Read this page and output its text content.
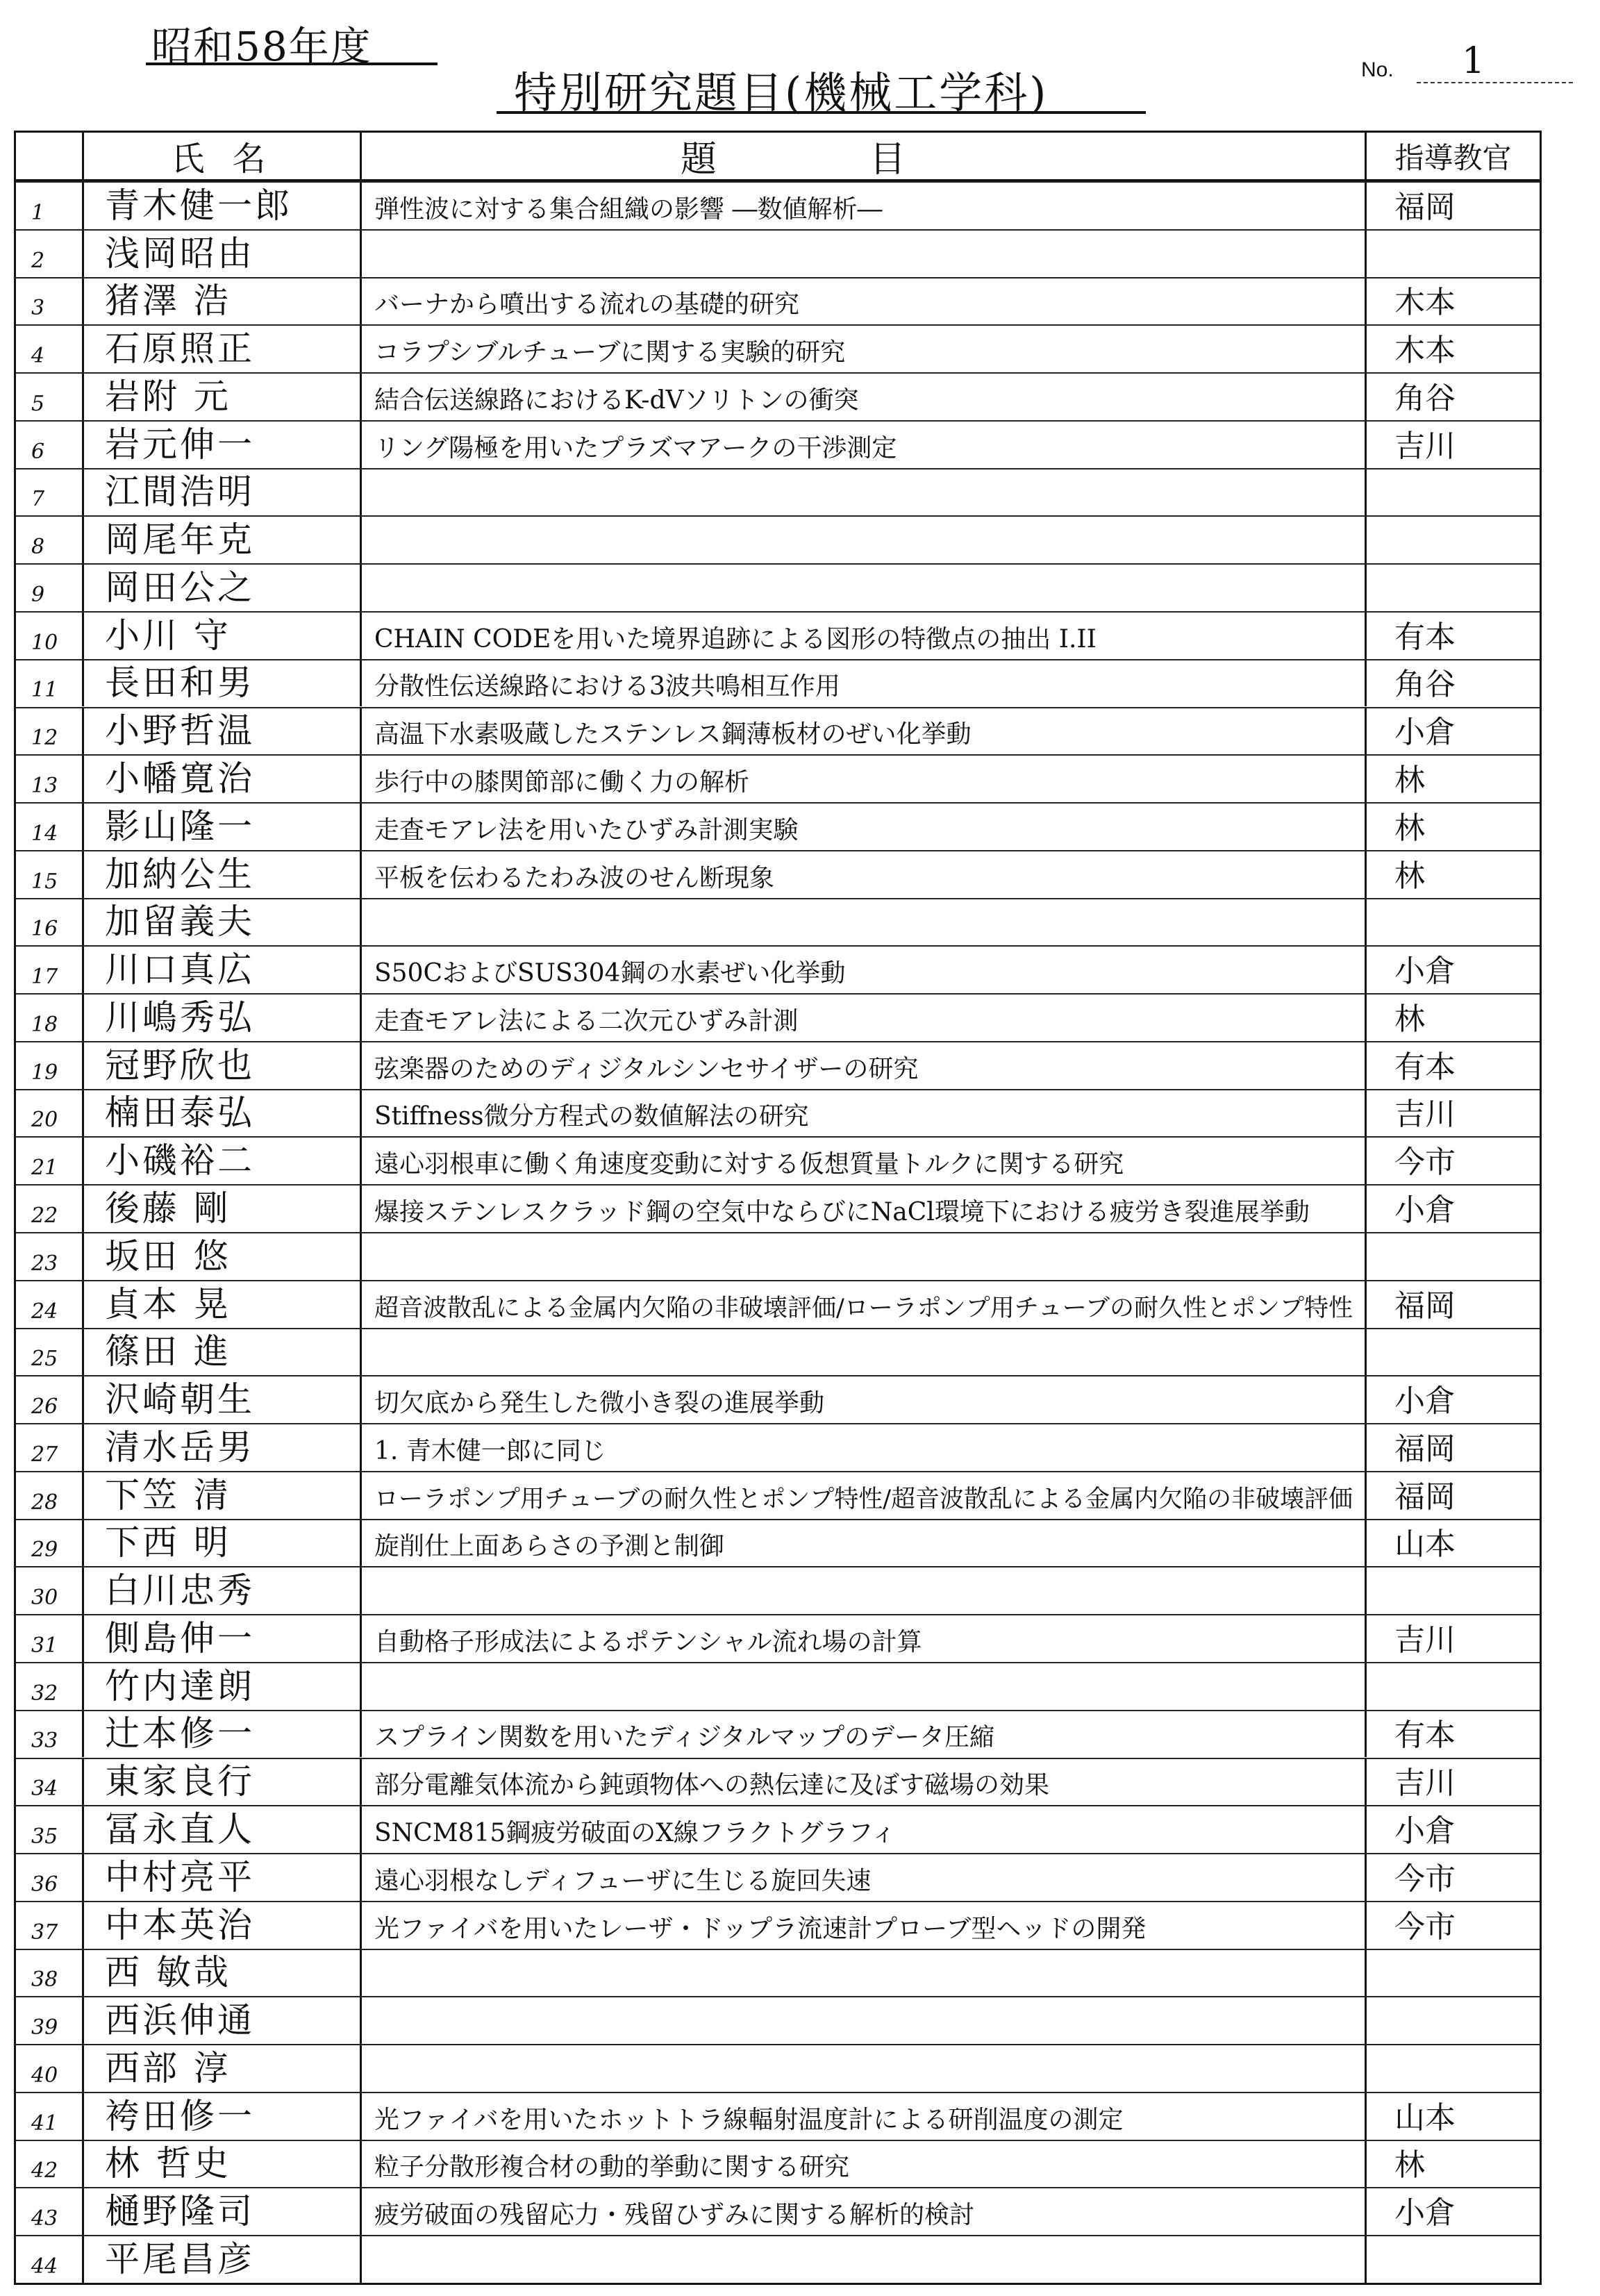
昭和58年度
特別研究題目(機械工学科)	No. 1
氏名	題目	指導教官
1	青木健一郎	弾性波に対する集合組織の影響 ―数値解析―	福岡
2	浅岡昭由
3	猪澤 浩	バーナから噴出する流れの基礎的研究	木本
4	石原照正	コラプシブルチューブに関する実験的研究	木本
5	岩附 元	結合伝送線路におけるK-dVソリトンの衝突	角谷
6	岩元伸一	リング陽極を用いたプラズマアークの干渉測定	吉川
7	江間浩明
8	岡尾年克
9	岡田公之
10	小川 守	CHAIN CODEを用いた境界追跡による図形の特徴点の抽出 I.II	有本
11	長田和男	分散性伝送線路における3波共鳴相互作用	角谷
12	小野哲温	高温下水素吸蔵したステンレス鋼薄板材のぜい化挙動	小倉
13	小幡寛治	歩行中の膝関節部に働く力の解析	林
14	影山隆一	走査モアレ法を用いたひずみ計測実験	林
15	加納公生	平板を伝わるたわみ波のせん断現象	林
16	加留義夫
17	川口真広	S50CおよびSUS304鋼の水素ぜい化挙動	小倉
18	川嶋秀弘	走査モアレ法による二次元ひずみ計測	林
19	冠野欣也	弦楽器のためのディジタルシンセサイザーの研究	有本
20	楠田泰弘	Stiffness微分方程式の数値解法の研究	吉川
21	小磯裕二	遠心羽根車に働く角速度変動に対する仮想質量トルクに関する研究	今市
22	後藤 剛	爆接ステンレスクラッド鋼の空気中ならびにNaCl環境下における疲労き裂進展挙動	小倉
23	坂田 悠
24	貞本 晃	超音波散乱による金属内欠陥の非破壊評価/ローラポンプ用チューブの耐久性とポンプ特性	福岡
25	篠田 進
26	沢崎朝生	切欠底から発生した微小き裂の進展挙動	小倉
27	清水岳男	1. 青木健一郎に同じ	福岡
28	下笠 清	ローラポンプ用チューブの耐久性とポンプ特性/超音波散乱による金属内欠陥の非破壊評価	福岡
29	下西 明	旋削仕上面あらさの予測と制御	山本
30	白川忠秀
31	側島伸一	自動格子形成法によるポテンシャル流れ場の計算	吉川
32	竹内達朗
33	辻本修一	スプライン関数を用いたディジタルマップのデータ圧縮	有本
34	東家良行	部分電離気体流から鈍頭物体への熱伝達に及ぼす磁場の効果	吉川
35	冨永直人	SNCM815鋼疲労破面のX線フラクトグラフィ	小倉
36	中村亮平	遠心羽根なしディフューザに生じる旋回失速	今市
37	中本英治	光ファイバを用いたレーザ・ドップラ流速計プローブ型ヘッドの開発	今市
38	西 敏哉
39	西浜伸通
40	西部 淳
41	袴田修一	光ファイバを用いたホットトラ線輻射温度計による研削温度の測定	山本
42	林 哲史	粒子分散形複合材の動的挙動に関する研究	林
43	樋野隆司	疲労破面の残留応力・残留ひずみに関する解析的検討	小倉
44	平尾昌彦
